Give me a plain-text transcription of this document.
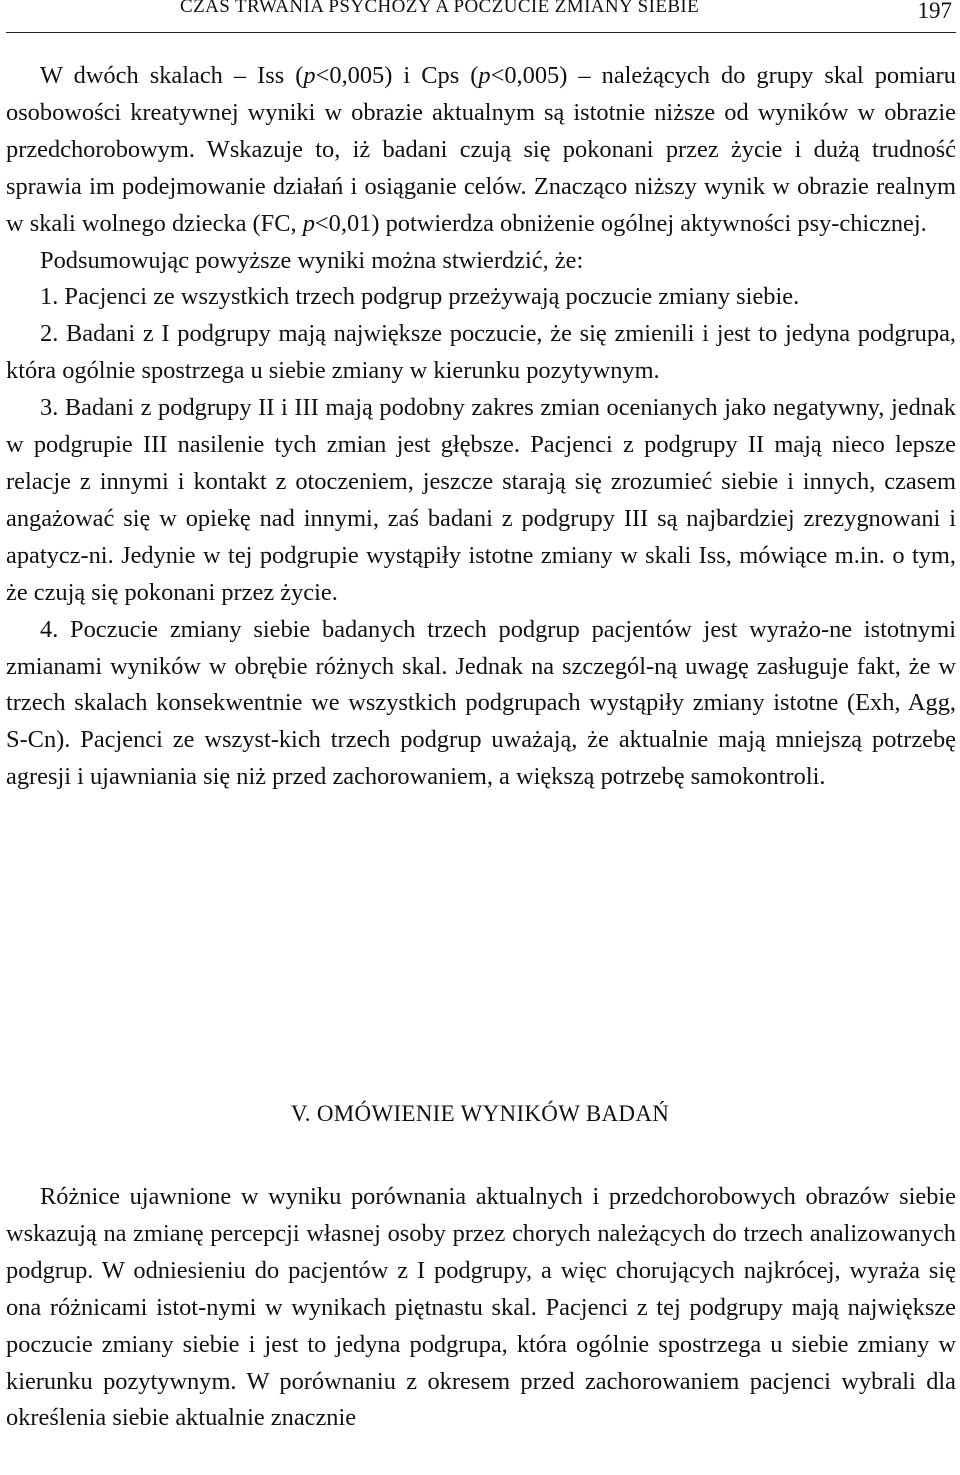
CZAS TRWANIA PSYCHOZY A POCZUCIE ZMIANY SIEBIE	197

W dwóch skalach – Iss (p<0,005) i Cps (p<0,005) – należących do grupy skal pomiaru osobowości kreatywnej wyniki w obrazie aktualnym są istotnie niższe od wyników w obrazie przedchorobowym. Wskazuje to, iż badani czują się pokonani przez życie i dużą trudność sprawia im podejmowanie działań i osiąganie celów. Znacząco niższy wynik w obrazie realnym w skali wolnego dziecka (FC, p<0,01) potwierdza obniżenie ogólnej aktywności psy-chicznej.

Podsumowując powyższe wyniki można stwierdzić, że:

1. Pacjenci ze wszystkich trzech podgrup przeżywają poczucie zmiany siebie.

2. Badani z I podgrupy mają największe poczucie, że się zmienili i jest to jedyna podgrupa, która ogólnie spostrzega u siebie zmiany w kierunku pozytywnym.

3. Badani z podgrupy II i III mają podobny zakres zmian ocenianych jako negatywny, jednak w podgrupie III nasilenie tych zmian jest głębsze. Pacjenci z podgrupy II mają nieco lepsze relacje z innymi i kontakt z otoczeniem, jeszcze starają się zrozumieć siebie i innych, czasem angażować się w opiekę nad innymi, zaś badani z podgrupy III są najbardziej zrezygnowani i apatycz-ni. Jedynie w tej podgrupie wystąpiły istotne zmiany w skali Iss, mówiące m.in. o tym, że czują się pokonani przez życie.

4. Poczucie zmiany siebie badanych trzech podgrup pacjentów jest wyrażo-ne istotnymi zmianami wyników w obrębie różnych skal. Jednak na szczegól-ną uwagę zasługuje fakt, że w trzech skalach konsekwentnie we wszystkich podgrupach wystąpiły zmiany istotne (Exh, Agg, S-Cn). Pacjenci ze wszyst-kich trzech podgrup uważają, że aktualnie mają mniejszą potrzebę agresji i ujawniania się niż przed zachorowaniem, a większą potrzebę samokontroli.

V. OMÓWIENIE WYNIKÓW BADAŃ

Różnice ujawnione w wyniku porównania aktualnych i przedchorobowych obrazów siebie wskazują na zmianę percepcji własnej osoby przez chorych należących do trzech analizowanych podgrup. W odniesieniu do pacjentów z I podgrupy, a więc chorujących najkrócej, wyraża się ona różnicami istot-nymi w wynikach piętnastu skal. Pacjenci z tej podgrupy mają największe poczucie zmiany siebie i jest to jedyna podgrupa, która ogólnie spostrzega u siebie zmiany w kierunku pozytywnym. W porównaniu z okresem przed zachorowaniem pacjenci wybrali dla określenia siebie aktualnie znacznie
